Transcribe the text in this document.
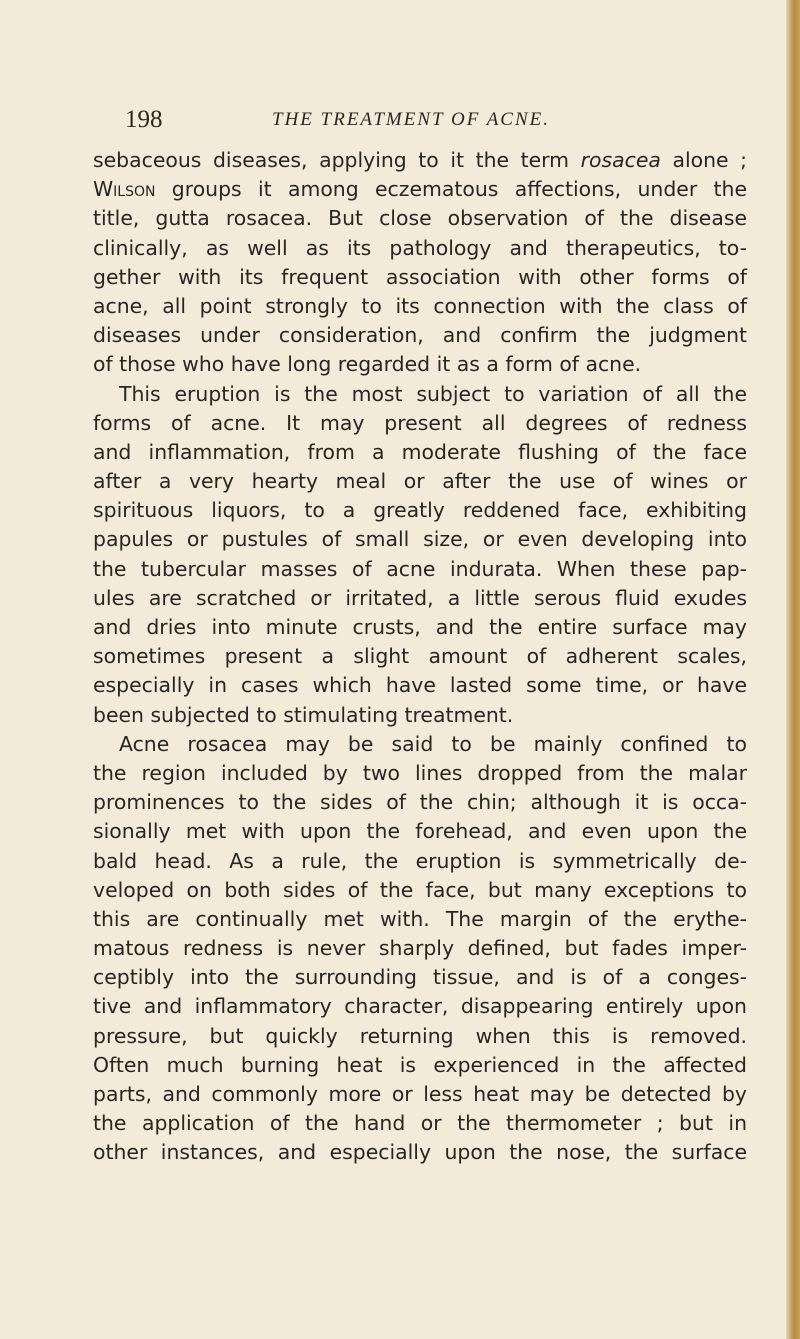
198	THE TREATMENT OF ACNE.
sebaceous diseases, applying to it the term rosacea alone ;
Wilson groups it among eczematous affections, under the
title, gutta rosacea. But close observation of the disease
clinically, as well as its pathology and therapeutics, to-
gether with its frequent association with other forms of
acne, all point strongly to its connection with the class of
diseases under consideration, and confirm the judgment
of those who have long regarded it as a form of acne.
This eruption is the most subject to variation of all the
forms of acne. It may present all degrees of redness
and inflammation, from a moderate flushing of the face
after a very hearty meal or after the use of wines or
spirituous liquors, to a greatly reddened face, exhibiting
papules or pustules of small size, or even developing into
the tubercular masses of acne indurata. When these pap-
ules are scratched or irritated, a little serous fluid exudes
and dries into minute crusts, and the entire surface may
sometimes present a slight amount of adherent scales,
especially in cases which have lasted some time, or have
been subjected to stimulating treatment.
Acne rosacea may be said to be mainly confined to
the region included by two lines dropped from the malar
prominences to the sides of the chin; although it is occa-
sionally met with upon the forehead, and even upon the
bald head. As a rule, the eruption is symmetrically de-
veloped on both sides of the face, but many exceptions to
this are continually met with. The margin of the erythe-
matous redness is never sharply defined, but fades imper-
ceptibly into the surrounding tissue, and is of a conges-
tive and inflammatory character, disappearing entirely upon
pressure, but quickly returning when this is removed.
Often much burning heat is experienced in the affected
parts, and commonly more or less heat may be detected by
the application of the hand or the thermometer ; but in
other instances, and especially upon the nose, the surface
